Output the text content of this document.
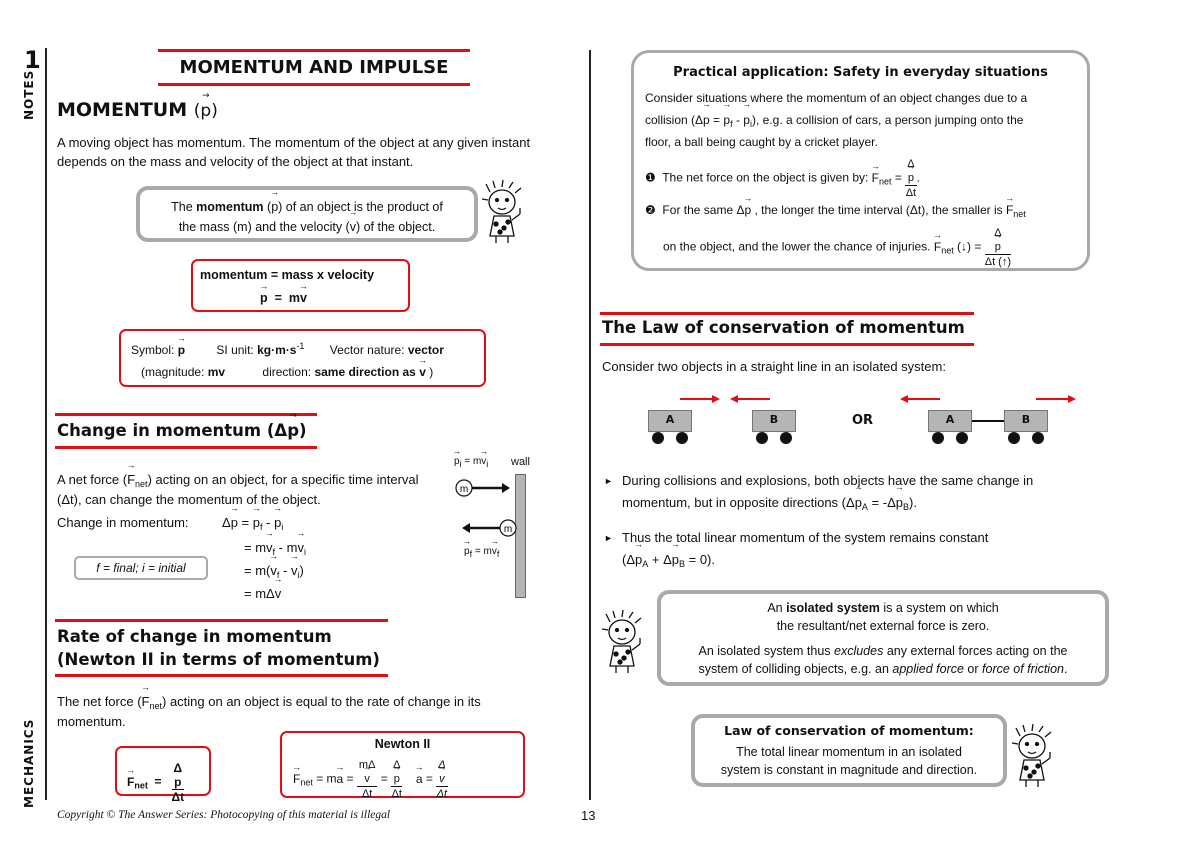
1
NOTES
MECHANICS
MOMENTUM AND IMPULSE
MOMENTUM (→ p)
A moving object has momentum. The momentum of the object at any given instant depends on the mass and velocity of the object at that instant.
The momentum (→ p) of an object is the product of
the mass (m) and the velocity (→ v) of the object.
momentum = mass x velocity
→ p  =  m→ v
Symbol: → p	SI unit: $kg\cdot m\cdot s^{-1}$ Vector nature: vector
(magnitude: mv	direction: same direction as → v )
Change in momentum (Δ→ p)
A net force (→ $F_{net}$) acting on an object, for a specific time interval (Δt), can change the momentum of the object.
Change in momentum:	Δ→ p = → $p_f$ - → $p_i$
= $m\to v_f - m\to v_i$
= $m(\to v_f$ - → $v_i$)
= mΔ→ v
f = final; i = initial
wall
→ $p_i = m\to v_i$
m
m
→ $p_f = m\to v_f$
Rate of change in momentum
(Newton II in terms of momentum)
The net force (→ $F_{net}$) acting on an object is equal to the rate of change in its momentum.
→ $F_{net} = \Delta$
→ p
Δt
Newton II
→ $F_{net} = m\to a = m\Delta$
→ v
Δt = Δ
→ p
Δt → a = Δ
→ v
Δt
Copyright © The Answer Series: Photocopying of this material is illegal	13
Practical application: Safety in everyday situations
Consider situations where the momentum of an object changes due to a
collision (Δ→ p = → $p_f$ - → $p_i$), e.g. a collision of cars, a person jumping onto the
floor, a ball being caught by a cricket player.
❶  The net force on the object is given by: → $F_{net} = \Delta$
→ p
Δt .
❷  For the same Δ→ p , the longer the time interval (Δt), the smaller is → $F_{net}$
on the object, and the lower the chance of injuries. → $F_{net}$ (↓) = Δ
→ p
Δt (↑)
The Law of conservation of momentum
Consider two objects in a straight line in an isolated system:
A	B	OR	A	B
► During collisions and explosions, both objects have the same change in
momentum, but in opposite directions $(\Delta\to p_A = -\Delta\to p_B)$.
► Thus the total linear momentum of the system remains constant
$(\Delta\to p_A + \Delta\to p_B = 0)$.
An isolated system is a system on which
the resultant/net external force is zero.
An isolated system thus excludes any external forces acting on the
system of colliding objects, e.g. an applied force or force of friction.
Law of conservation of momentum:
The total linear momentum in an isolated
system is constant in magnitude and direction.
